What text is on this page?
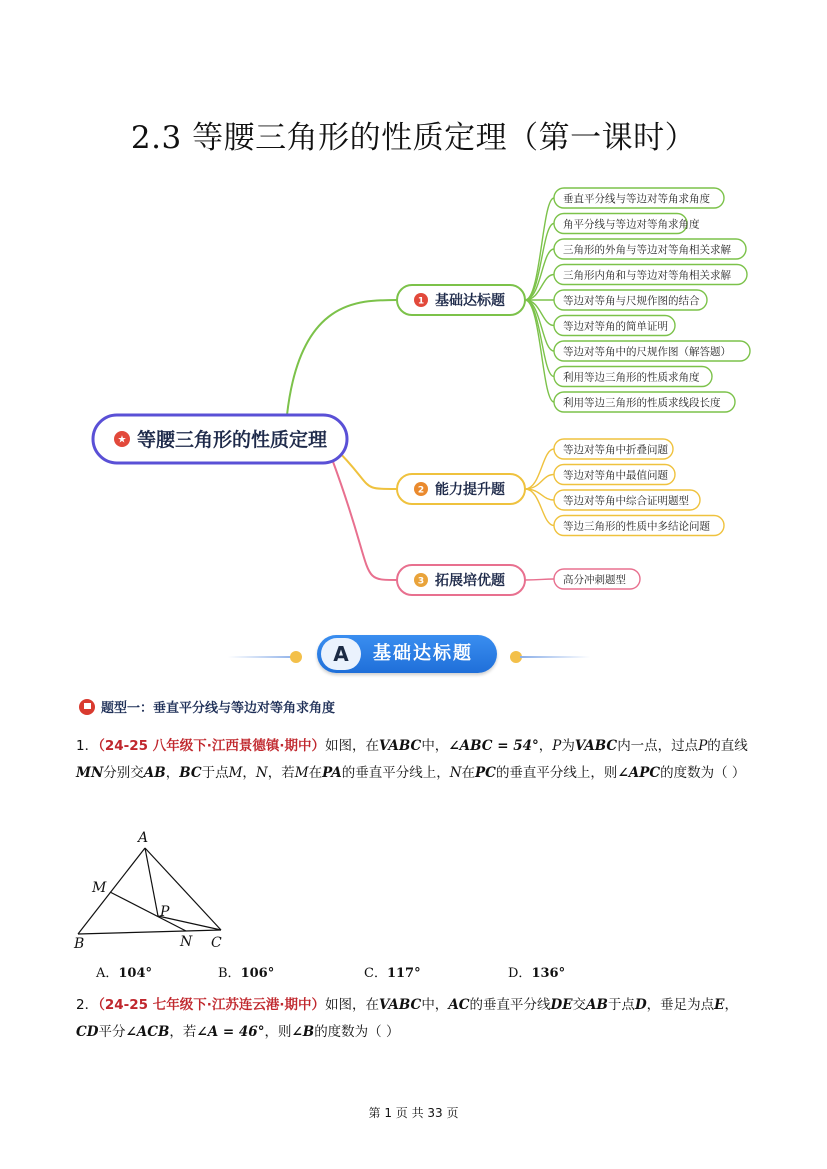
2.3 等腰三角形的性质定理（第一课时）
垂直平分线与等边对等角求角度
角平分线与等边对等角求角度
三角形的外角与等边对等角相关求解
三角形内角和与等边对等角相关求解
等边对等角与尺规作图的结合
等边对等角的简单证明
等边对等角中的尺规作图（解答题）
利用等边三角形的性质求角度
利用等边三角形的性质求线段长度
1 基础达标题
等边对等角中折叠问题
等边对等角中最值问题
等边对等角中综合证明题型
等边三角形的性质中多结论问题
2 能力提升题
高分冲刺题型
3 拓展培优题
★ 等腰三角形的性质定理
A	基础达标题
题型一：垂直平分线与等边对等角求角度
1．（24-25 八年级下·江西景德镇·期中）如图，在VABC中，∠ABC = 54°，P为VABC内一点，过点P的直线MN分别交AB，BC于点M，N，若M在PA的垂直平分线上，N在PC的垂直平分线上，则∠APC的度数为（ ）
A
B	C
M
N
P
A．104°	B．106°	C．117°	D．136°
2．（24-25 七年级下·江苏连云港·期中）如图，在VABC中，AC的垂直平分线DE交AB于点D，垂足为点E，CD平分∠ACB，若∠A = 46°，则∠B的度数为（ ）
第 1 页 共 33 页
